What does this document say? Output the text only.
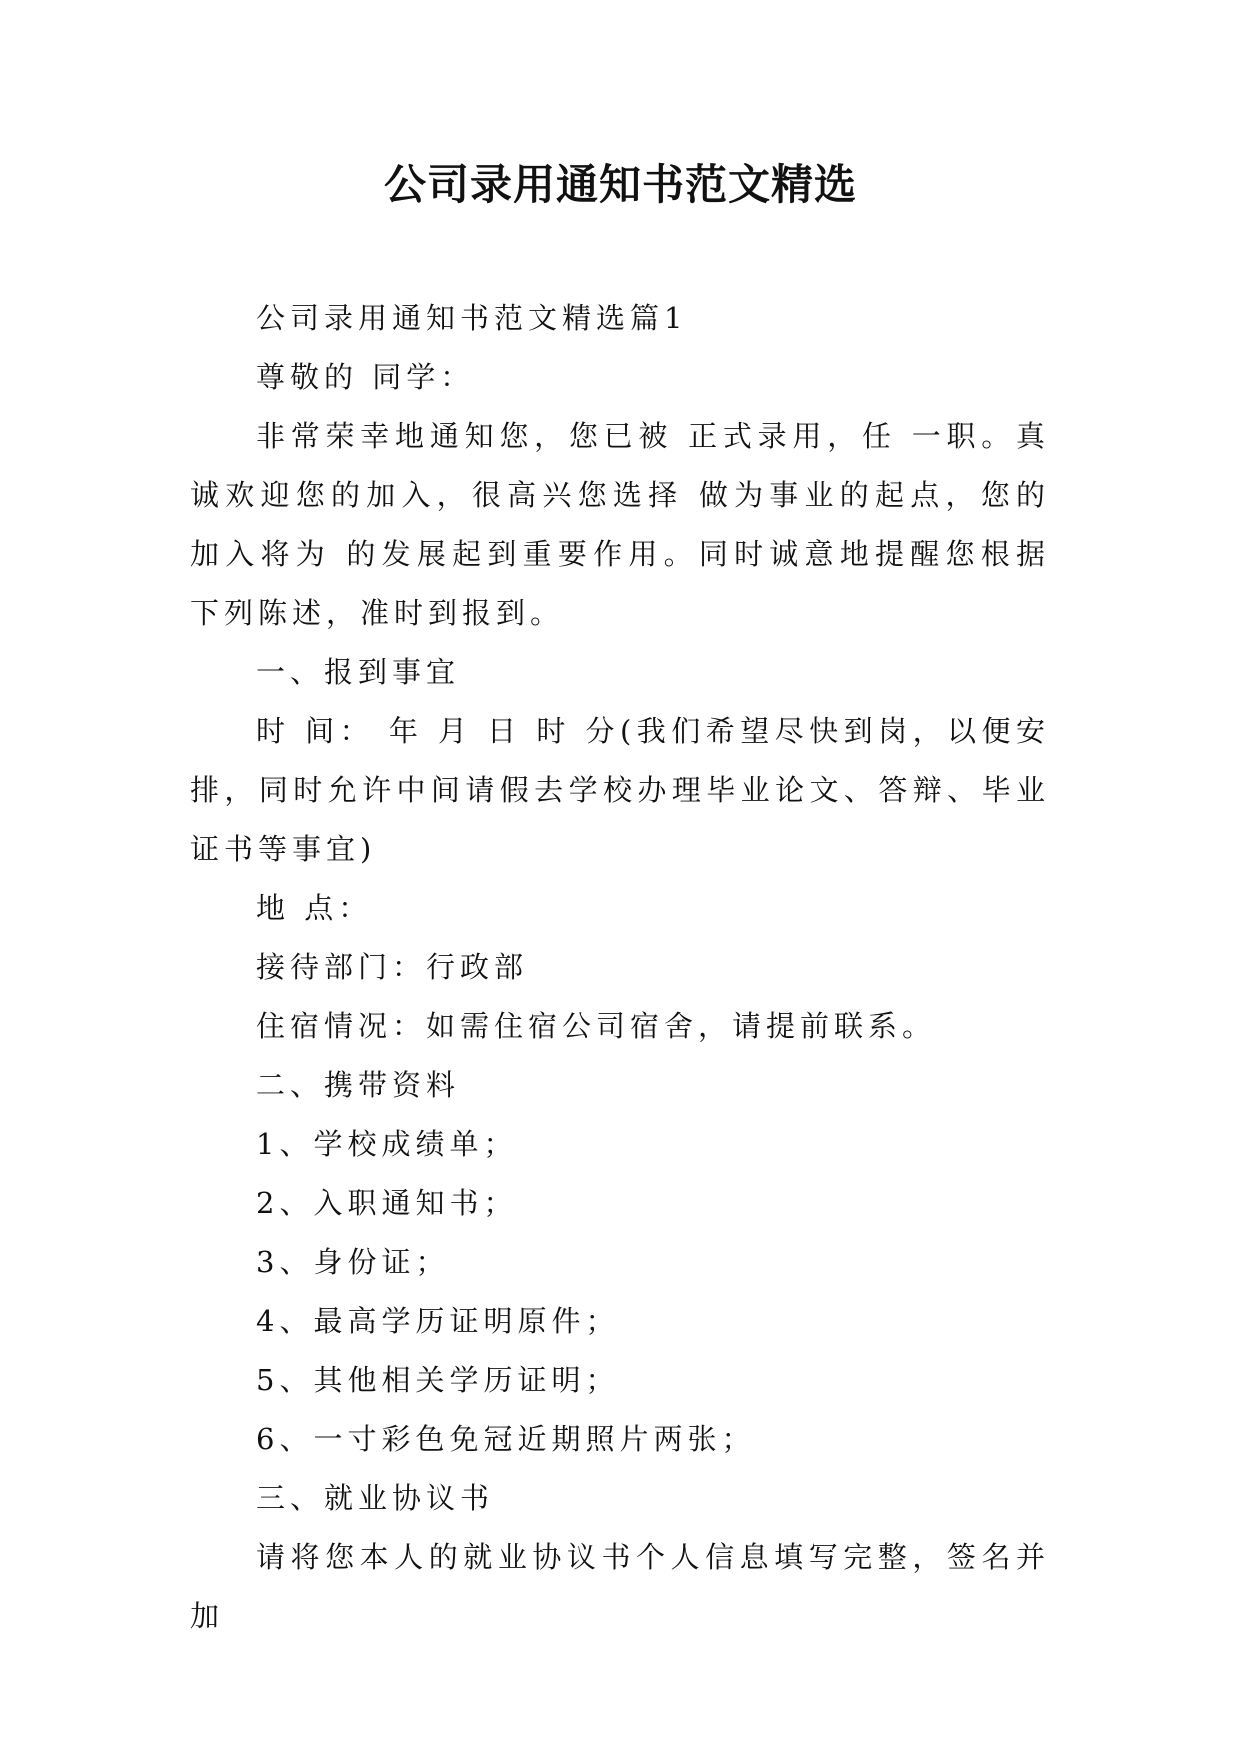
公司录用通知书范文精选

公司录用通知书范文精选篇1

尊敬的 同学：

非常荣幸地通知您，您已被 正式录用，任 一职。真诚欢迎您的加入，很高兴您选择 做为事业的起点，您的加入将为 的发展起到重要作用。同时诚意地提醒您根据下列陈述，准时到报到。

一、报到事宜

时 间： 年 月 日 时 分(我们希望尽快到岗，以便安排，同时允许中间请假去学校办理毕业论文、答辩、毕业证书等事宜)

地 点：

接待部门：行政部

住宿情况：如需住宿公司宿舍，请提前联系。

二、携带资料

1、学校成绩单；

2、入职通知书；

3、身份证；

4、最高学历证明原件；

5、其他相关学历证明；

6、一寸彩色免冠近期照片两张；

三、就业协议书

请将您本人的就业协议书个人信息填写完整，签名并加
